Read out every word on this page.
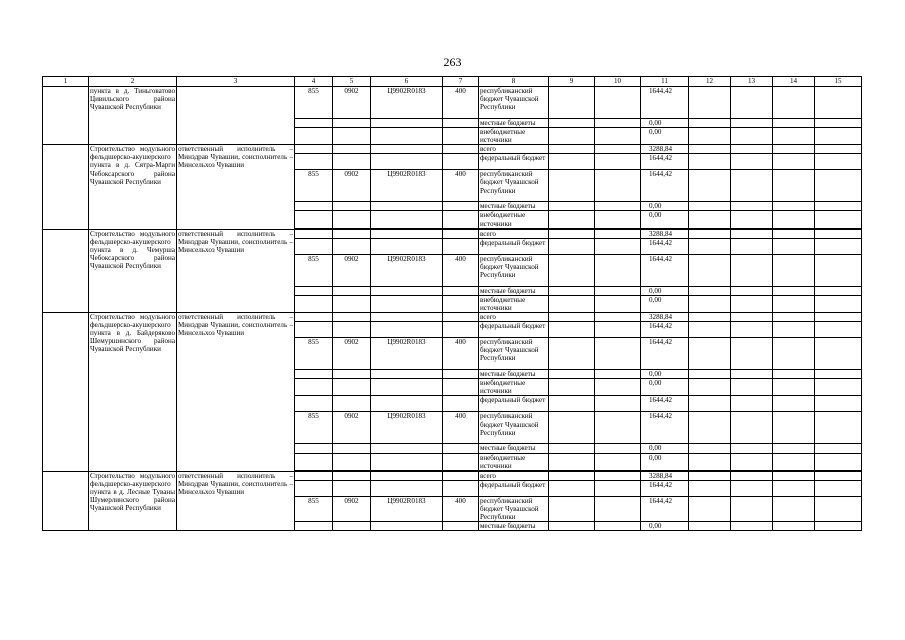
263
1	2	3	4	5	6	7	8	9	10	11	12	13	14	15
	пункта в д. Тиньговатово Цивильского района Чувашской Республики		855	0902	Ц9902R0183	400	республиканский бюджет Чувашской Республики			1644,42				
							местные бюджеты			0,00				
							внебюджетные источники			0,00				
	Строительство модульного фельдшерско-акушерского пункта в д. Сятра-Марги Чебоксарского района Чувашской Республики	ответственный исполнитель – Минздрав Чувашии, соисполнитель – Минсельхоз Чувашии					всего			3288,84				
							федеральный бюджет			1644,42				
			855	0902	Ц9902R0183	400	республиканский бюджет Чувашской Республики			1644,42				
							местные бюджеты			0,00				
							внебюджетные источники			0,00				

	Строительство модульного фельдшерско-акушерского пункта в д. Чемурша Чебоксарского района Чувашской Республики	ответственный исполнитель – Минздрав Чувашии, соисполнитель – Минсельхоз Чувашии					всего			3288,84				
							федеральный бюджет			1644,42				
			855	0902	Ц9902R0183	400	республиканский бюджет Чувашской Республики			1644,42				
							местные бюджеты			0,00				
							внебюджетные источники			0,00				
	Строительство модульного фельдшерско-акушерского пункта в д. Байдеряково Шемуршинского района Чувашской Республики	ответственный исполнитель – Минздрав Чувашии, соисполнитель – Минсельхоз Чувашии					всего			3288,84				
							федеральный бюджет			1644,42				
			855	0902	Ц9902R0183	400	республиканский бюджет Чувашской Республики			1644,42				
							местные бюджеты			0,00				
							внебюджетные источники			0,00				
							федеральный бюджет			1644,42				
			855	0902	Ц9902R0183	400	республиканский бюджет Чувашской Республики			1644,42				
							местные бюджеты			0,00				
							внебюджетные источники			0,00				

	Строительство модульного фельдшерско-акушерского пункта в д. Лесные Туваны Шумерлинского района Чувашской Республики	ответственный исполнитель – Минздрав Чувашии, соисполнитель – Минсельхоз Чувашии					всего			3288,84				
							федеральный бюджет			1644,42				
			855	0902	Ц9902R0183	400	республиканский бюджет Чувашской Республики			1644,42				
							местные бюджеты			0,00				
